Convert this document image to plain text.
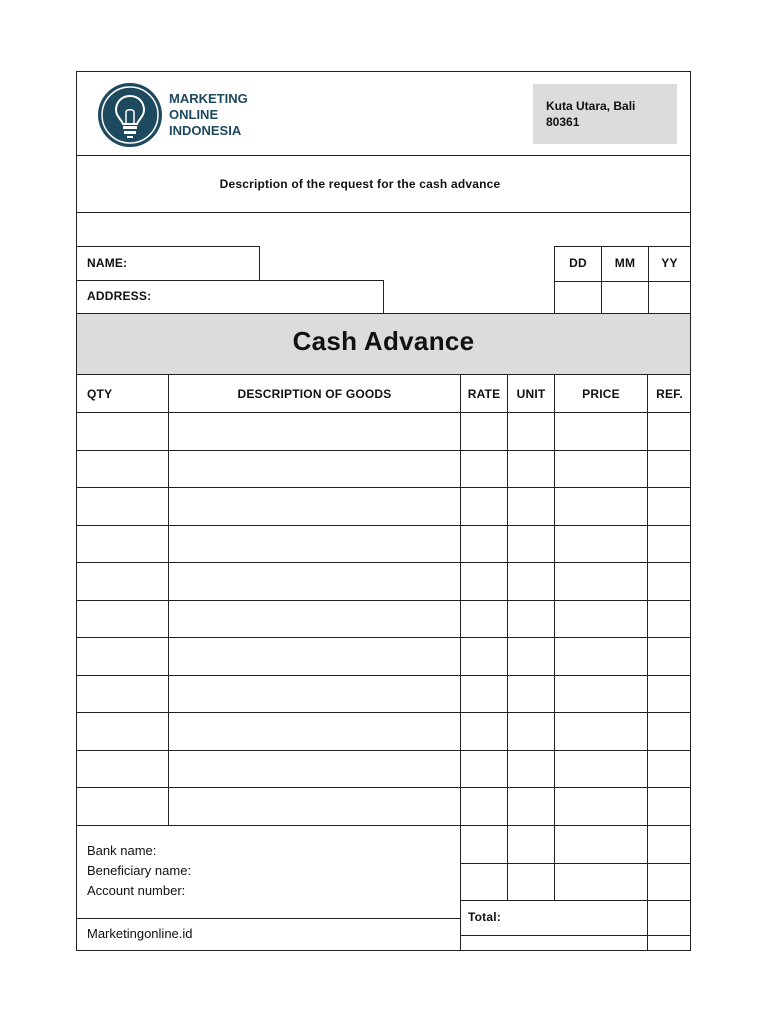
MARKETING
ONLINE
INDONESIA
Kuta Utara, Bali
80361
Description of the request for the cash advance
NAME:
ADDRESS:
DD	MM	YY
Cash Advance
QTY	DESCRIPTION OF GOODS	RATE	UNIT	PRICE	REF.
Bank name:
Beneficiary name:
Account number:
Marketingonline.id
Total:
